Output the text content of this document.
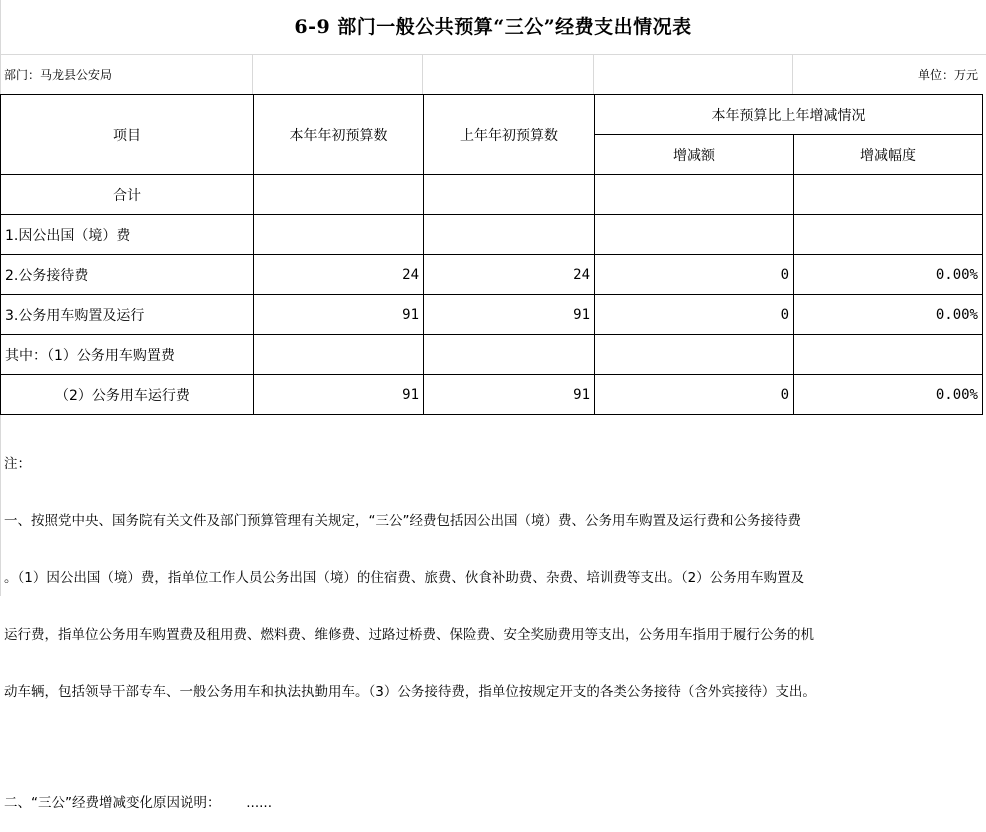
6-9 部门一般公共预算“三公”经费支出情况表
部门：马龙县公安局	单位：万元
项目	本年年初预算数	上年年初预算数	本年预算比上年增减情况	
			增减额	增减幅度
合计				
1.因公出国（境）费				
2.公务接待费	24	24	0	0.00%
3.公务用车购置及运行	91	91	0	0.00%
其中：（1）公务用车购置费				
（2）公务用车运行费	91	91	0	0.00%

注：

一、按照党中央、国务院有关文件及部门预算管理有关规定，“三公”经费包括因公出国（境）费、公务用车购置及运行费和公务接待费

。（1）因公出国（境）费，指单位工作人员公务出国（境）的住宿费、旅费、伙食补助费、杂费、培训费等支出。（2）公务用车购置及

运行费，指单位公务用车购置费及租用费、燃料费、维修费、过路过桥费、保险费、安全奖励费用等支出，公务用车指用于履行公务的机

动车辆，包括领导干部专车、一般公务用车和执法执勤用车。（3）公务接待费，指单位按规定开支的各类公务接待（含外宾接待）支出。

二、“三公”经费增减变化原因说明：      ......
